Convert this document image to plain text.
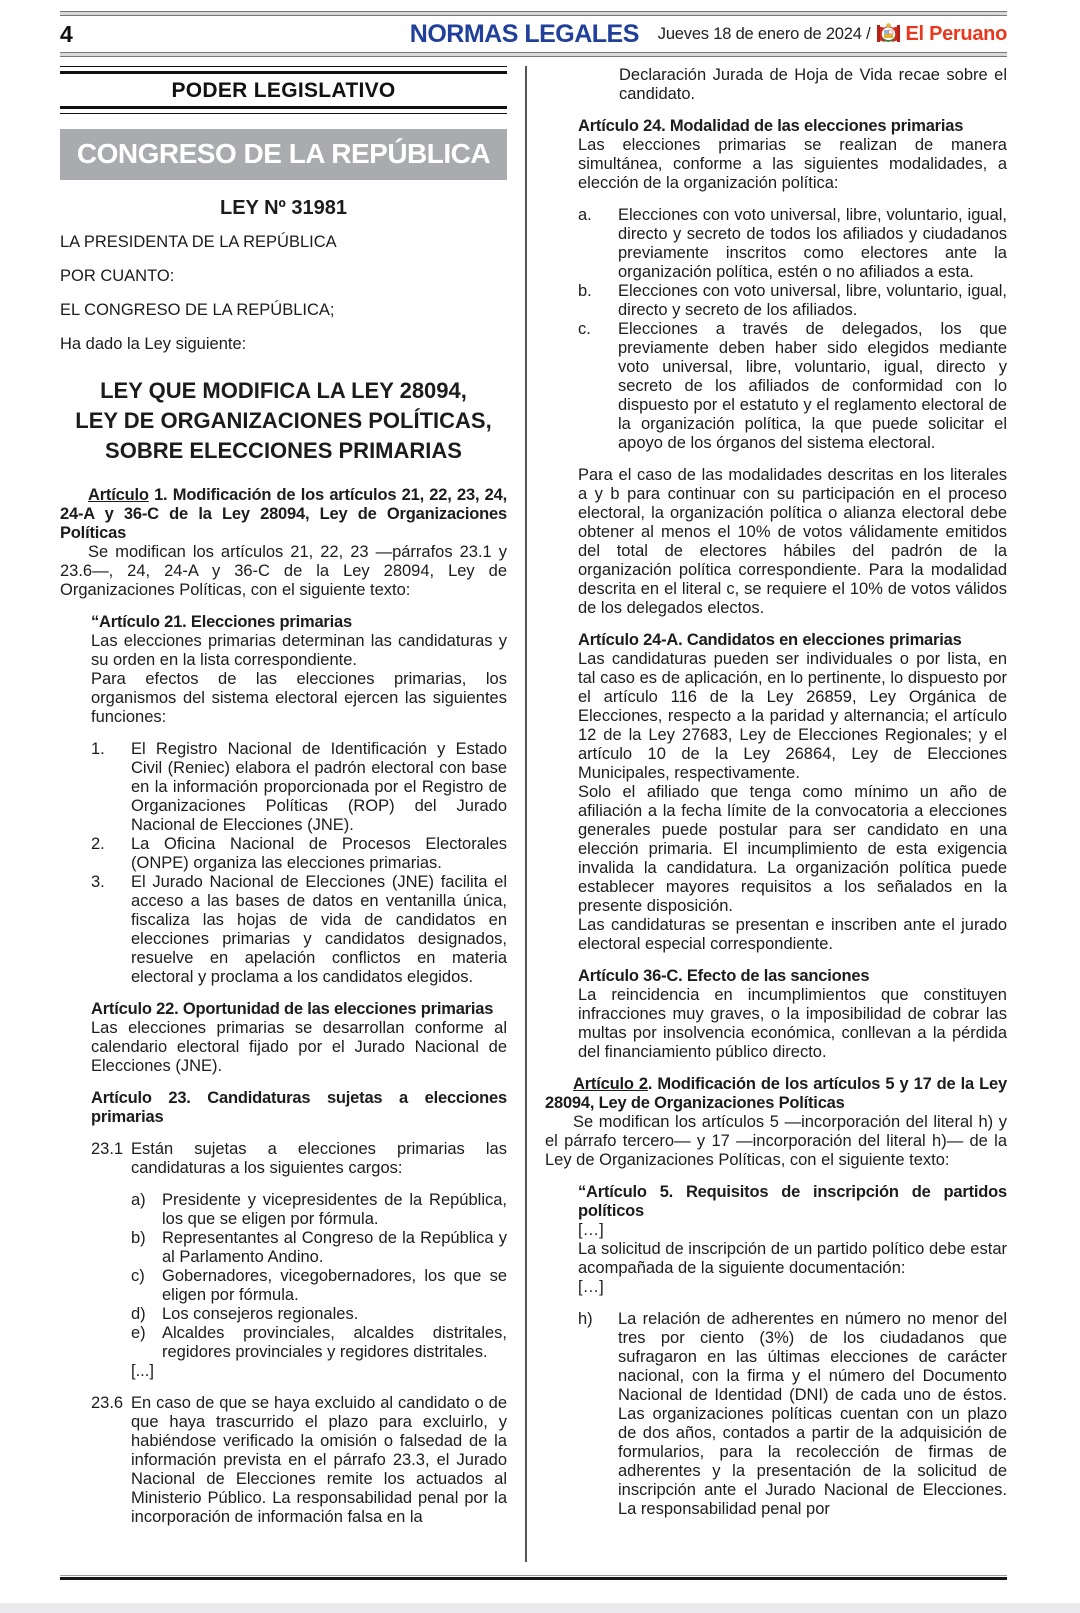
4	NORMAS LEGALES Jueves 18 de enero de 2024 / El Peruano
PODER LEGISLATIVO
CONGRESO DE LA REPÚBLICA
LEY Nº 31981

LA PRESIDENTA DE LA REPÚBLICA

POR CUANTO:

EL CONGRESO DE LA REPÚBLICA;

Ha dado la Ley siguiente:

LEY QUE MODIFICA LA LEY 28094,
LEY DE ORGANIZACIONES POLÍTICAS,
SOBRE ELECCIONES PRIMARIAS

Artículo 1. Modificación de los artículos 21, 22, 23, 24, 24-A y 36-C de la Ley 28094, Ley de Organizaciones Políticas

Se modifican los artículos 21, 22, 23 —párrafos 23.1 y 23.6—, 24, 24-A y 36-C de la Ley 28094, Ley de Organizaciones Políticas, con el siguiente texto:

“Artículo 21. Elecciones primarias

Las elecciones primarias determinan las candidaturas y su orden en la lista correspondiente.

Para efectos de las elecciones primarias, los organismos del sistema electoral ejercen las siguientes funciones:

1.	El Registro Nacional de Identificación y Estado Civil (Reniec) elabora el padrón electoral con base en la información proporcionada por el Registro de Organizaciones Políticas (ROP) del Jurado Nacional de Elecciones (JNE).
2.	La Oficina Nacional de Procesos Electorales (ONPE) organiza las elecciones primarias.
3.	El Jurado Nacional de Elecciones (JNE) facilita el acceso a las bases de datos en ventanilla única, fiscaliza las hojas de vida de candidatos en elecciones primarias y candidatos designados, resuelve en apelación conflictos en materia electoral y proclama a los candidatos elegidos.

Artículo 22. Oportunidad de las elecciones primarias

Las elecciones primarias se desarrollan conforme al calendario electoral fijado por el Jurado Nacional de Elecciones (JNE).

Artículo 23. Candidaturas sujetas a elecciones primarias

23.1 Están sujetas a elecciones primarias las candidaturas a los siguientes cargos:
a) Presidente y vicepresidentes de la República, los que se eligen por fórmula.
b) Representantes al Congreso de la República y al Parlamento Andino.
c)	Gobernadores, vicegobernadores, los que se eligen por fórmula.
d) Los consejeros regionales.
e) Alcaldes provinciales, alcaldes distritales, regidores provinciales y regidores distritales.

[...]

23.6 En caso de que se haya excluido al candidato o de que haya trascurrido el plazo para excluirlo, y habiéndose verificado la omisión o falsedad de la información prevista en el párrafo 23.3, el Jurado Nacional de Elecciones remite los actuados al Ministerio Público. La responsabilidad penal por la incorporación de información falsa en la

Declaración Jurada de Hoja de Vida recae sobre el candidato.

Artículo 24. Modalidad de las elecciones primarias

Las elecciones primarias se realizan de manera simultánea, conforme a las siguientes modalidades, a elección de la organización política:

a.	Elecciones con voto universal, libre, voluntario, igual, directo y secreto de todos los afiliados y ciudadanos previamente inscritos como electores ante la organización política, estén o no afiliados a esta.
b.	Elecciones con voto universal, libre, voluntario, igual, directo y secreto de los afiliados.
c.	Elecciones a través de delegados, los que previamente deben haber sido elegidos mediante voto universal, libre, voluntario, igual, directo y secreto de los afiliados de conformidad con lo dispuesto por el estatuto y el reglamento electoral de la organización política, la que puede solicitar el apoyo de los órganos del sistema electoral.

Para el caso de las modalidades descritas en los literales a y b para continuar con su participación en el proceso electoral, la organización política o alianza electoral debe obtener al menos el 10% de votos válidamente emitidos del total de electores hábiles del padrón de la organización política correspondiente. Para la modalidad descrita en el literal c, se requiere el 10% de votos válidos de los delegados electos.

Artículo 24-A. Candidatos en elecciones primarias

Las candidaturas pueden ser individuales o por lista, en tal caso es de aplicación, en lo pertinente, lo dispuesto por el artículo 116 de la Ley 26859, Ley Orgánica de Elecciones, respecto a la paridad y alternancia; el artículo 12 de la Ley 27683, Ley de Elecciones Regionales; y el artículo 10 de la Ley 26864, Ley de Elecciones Municipales, respectivamente.

Solo el afiliado que tenga como mínimo un año de afiliación a la fecha límite de la convocatoria a elecciones generales puede postular para ser candidato en una elección primaria. El incumplimiento de esta exigencia invalida la candidatura. La organización política puede establecer mayores requisitos a los señalados en la presente disposición.

Las candidaturas se presentan e inscriben ante el jurado electoral especial correspondiente.

Artículo 36-C. Efecto de las sanciones

La reincidencia en incumplimientos que constituyen infracciones muy graves, o la imposibilidad de cobrar las multas por insolvencia económica, conllevan a la pérdida del financiamiento público directo.

Artículo 2. Modificación de los artículos 5 y 17 de la Ley 28094, Ley de Organizaciones Políticas

Se modifican los artículos 5 —incorporación del literal h) y el párrafo tercero— y 17 —incorporación del literal h)— de la Ley de Organizaciones Políticas, con el siguiente texto:

“Artículo 5. Requisitos de inscripción de partidos políticos

[…]

La solicitud de inscripción de un partido político debe estar acompañada de la siguiente documentación:

[…]

h)	La relación de adherentes en número no menor del tres por ciento (3%) de los ciudadanos que sufragaron en las últimas elecciones de carácter nacional, con la firma y el número del Documento Nacional de Identidad (DNI) de cada uno de éstos. Las organizaciones políticas cuentan con un plazo de dos años, contados a partir de la adquisición de formularios, para la recolección de firmas de adherentes y la presentación de la solicitud de inscripción ante el Jurado Nacional de Elecciones. La responsabilidad penal por
